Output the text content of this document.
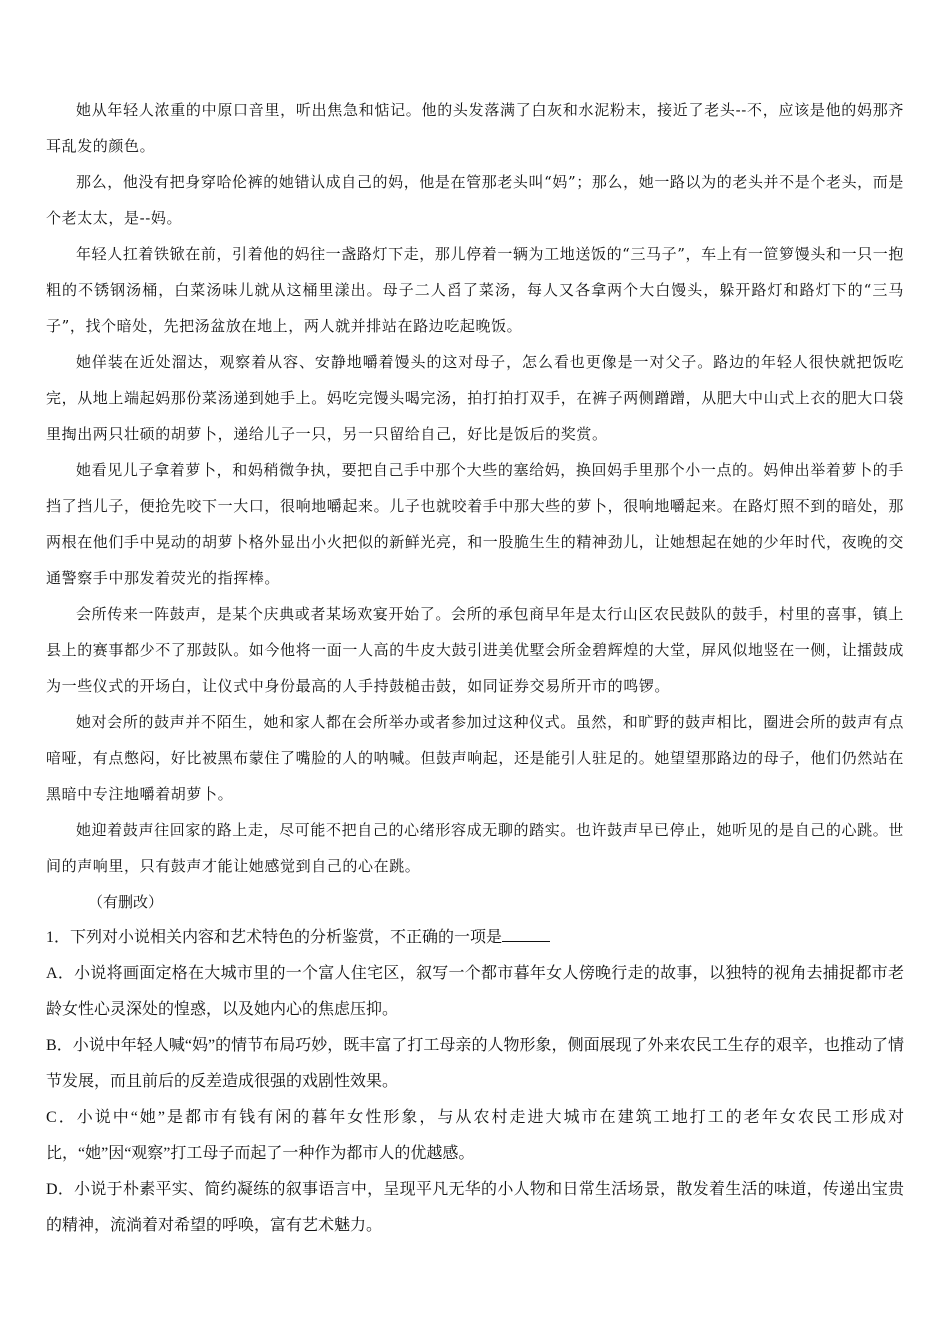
她从年轻人浓重的中原口音里，听出焦急和惦记。他的头发落满了白灰和水泥粉末，接近了老头--不，应该是他的妈那齐耳乱发的颜色。

那么，他没有把身穿哈伦裤的她错认成自己的妈，他是在管那老头叫“妈”；那么，她一路以为的老头并不是个老头，而是个老太太，是--妈。

年轻人扛着铁锨在前，引着他的妈往一盏路灯下走，那儿停着一辆为工地送饭的“三马子”，车上有一笸箩馒头和一只一抱粗的不锈钢汤桶，白菜汤味儿就从这桶里漾出。母子二人舀了菜汤，每人又各拿两个大白馒头，躲开路灯和路灯下的“三马子”，找个暗处，先把汤盆放在地上，两人就并排站在路边吃起晚饭。

她佯装在近处溜达，观察着从容、安静地嚼着馒头的这对母子，怎么看也更像是一对父子。路边的年轻人很快就把饭吃完，从地上端起妈那份菜汤递到她手上。妈吃完馒头喝完汤，拍打拍打双手，在裤子两侧蹭蹭，从肥大中山式上衣的肥大口袋里掏出两只壮硕的胡萝卜，递给儿子一只，另一只留给自己，好比是饭后的奖赏。

她看见儿子拿着萝卜，和妈稍微争执，要把自己手中那个大些的塞给妈，换回妈手里那个小一点的。妈伸出举着萝卜的手挡了挡儿子，便抢先咬下一大口，很响地嚼起来。儿子也就咬着手中那大些的萝卜，很响地嚼起来。在路灯照不到的暗处，那两根在他们手中晃动的胡萝卜格外显出小火把似的新鲜光亮，和一股脆生生的精神劲儿，让她想起在她的少年时代，夜晚的交通警察手中那发着荧光的指挥棒。

会所传来一阵鼓声，是某个庆典或者某场欢宴开始了。会所的承包商早年是太行山区农民鼓队的鼓手，村里的喜事，镇上县上的赛事都少不了那鼓队。如今他将一面一人高的牛皮大鼓引进美优墅会所金碧辉煌的大堂，屏风似地竖在一侧，让擂鼓成为一些仪式的开场白，让仪式中身份最高的人手持鼓槌击鼓，如同证券交易所开市的鸣锣。

她对会所的鼓声并不陌生，她和家人都在会所举办或者参加过这种仪式。虽然，和旷野的鼓声相比，圈进会所的鼓声有点喑哑，有点憋闷，好比被黑布蒙住了嘴脸的人的呐喊。但鼓声响起，还是能引人驻足的。她望望那路边的母子，他们仍然站在黑暗中专注地嚼着胡萝卜。

她迎着鼓声往回家的路上走，尽可能不把自己的心绪形容成无聊的踏实。也许鼓声早已停止，她听见的是自己的心跳。世间的声响里，只有鼓声才能让她感觉到自己的心在跳。

（有删改）

1．下列对小说相关内容和艺术特色的分析鉴赏，不正确的一项是

A．小说将画面定格在大城市里的一个富人住宅区，叙写一个都市暮年女人傍晚行走的故事，以独特的视角去捕捉都市老龄女性心灵深处的惶惑，以及她内心的焦虑压抑。

B．小说中年轻人喊“妈”的情节布局巧妙，既丰富了打工母亲的人物形象，侧面展现了外来农民工生存的艰辛，也推动了情节发展，而且前后的反差造成很强的戏剧性效果。

C．小说中“她”是都市有钱有闲的暮年女性形象，与从农村走进大城市在建筑工地打工的老年女农民工形成对比，“她”因“观察”打工母子而起了一种作为都市人的优越感。

D．小说于朴素平实、简约凝练的叙事语言中，呈现平凡无华的小人物和日常生活场景，散发着生活的味道，传递出宝贵的精神，流淌着对希望的呼唤，富有艺术魅力。
